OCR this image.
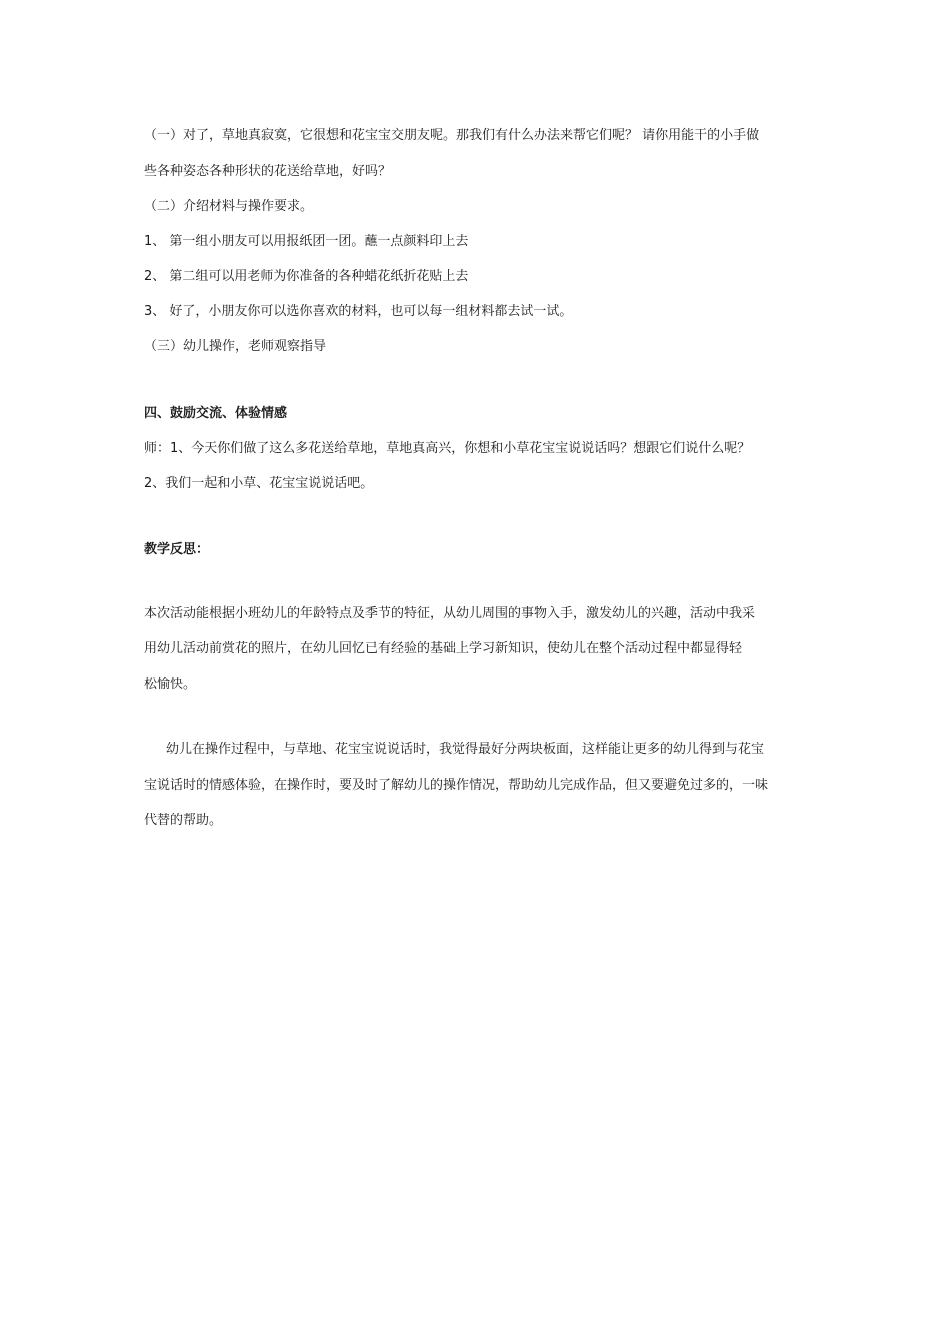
（一）对了，草地真寂寞，它很想和花宝宝交朋友呢。那我们有什么办法来帮它们呢？ 请你用能干的小手做
些各种姿态各种形状的花送给草地，好吗？
（二）介绍材料与操作要求。
1、 第一组小朋友可以用报纸团一团。蘸一点颜料印上去
2、 第二组可以用老师为你准备的各种蜡花纸折花贴上去
3、 好了，小朋友你可以选你喜欢的材料，也可以每一组材料都去试一试。
（三）幼儿操作，老师观察指导
四、鼓励交流、体验情感
师：1、今天你们做了这么多花送给草地，草地真高兴，你想和小草花宝宝说说话吗？想跟它们说什么呢？
2、我们一起和小草、花宝宝说说话吧。
教学反思：
本次活动能根据小班幼儿的年龄特点及季节的特征，从幼儿周围的事物入手，激发幼儿的兴趣，活动中我采
用幼儿活动前赏花的照片，在幼儿回忆已有经验的基础上学习新知识，使幼儿在整个活动过程中都显得轻
松愉快。
幼儿在操作过程中，与草地、花宝宝说说话时，我觉得最好分两块板面，这样能让更多的幼儿得到与花宝
宝说话时的情感体验，在操作时，要及时了解幼儿的操作情况，帮助幼儿完成作品，但又要避免过多的，一味
代替的帮助。
